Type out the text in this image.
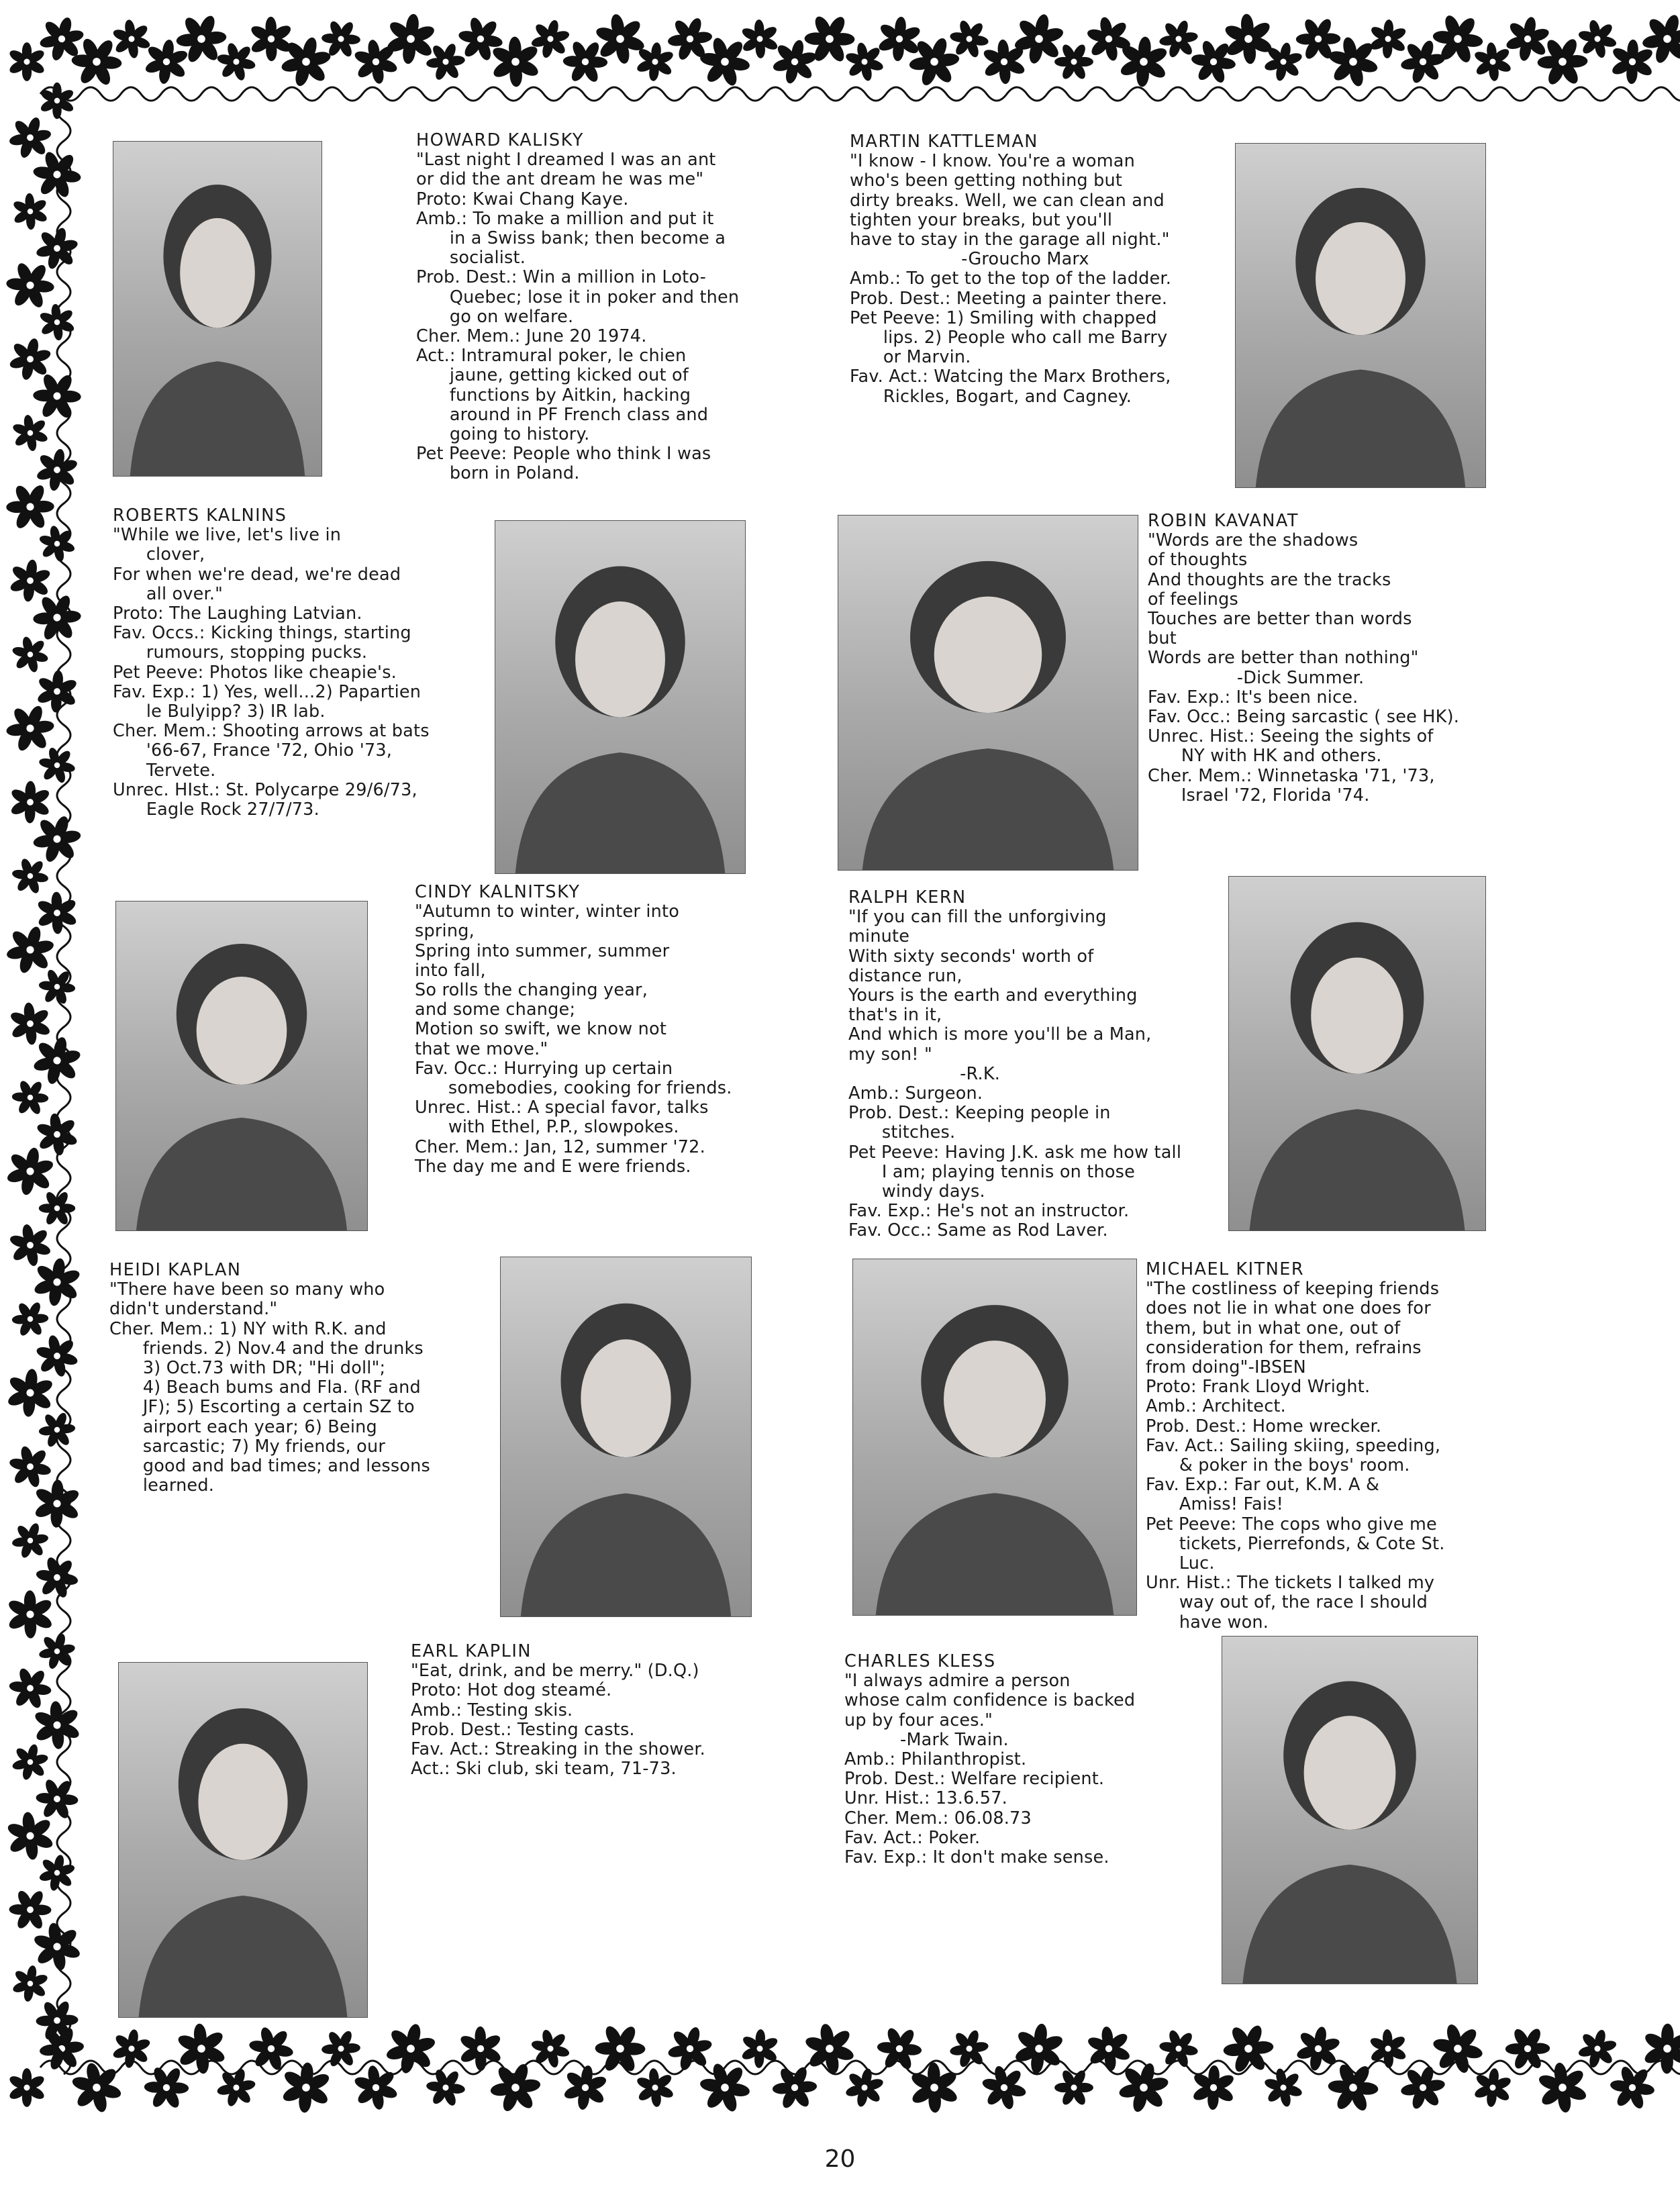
HOWARD KALISKY
"Last night I dreamed I was an ant
or did the ant dream he was me"
Proto: Kwai Chang Kaye.
Amb.: To make a million and put it
in a Swiss bank; then become a
socialist.
Prob. Dest.: Win a million in Loto-
Quebec; lose it in poker and then
go on welfare.
Cher. Mem.: June 20 1974.
Act.: Intramural poker, le chien
jaune, getting kicked out of
functions by Aitkin, hacking
around in PF French class and
going to history.
Pet Peeve: People who think I was
born in Poland.
MARTIN KATTLEMAN
"I know - I know. You're a woman
who's been getting nothing but
dirty breaks. Well, we can clean and
tighten your breaks, but you'll
have to stay in the garage all night."
-Groucho Marx
Amb.: To get to the top of the ladder.
Prob. Dest.: Meeting a painter there.
Pet Peeve: 1) Smiling with chapped
lips. 2) People who call me Barry
or Marvin.
Fav. Act.: Watcing the Marx Brothers,
Rickles, Bogart, and Cagney.
ROBERTS KALNINS
"While we live, let's live in
clover,
For when we're dead, we're dead
all over."
Proto: The Laughing Latvian.
Fav. Occs.: Kicking things, starting
rumours, stopping pucks.
Pet Peeve: Photos like cheapie's.
Fav. Exp.: 1) Yes, well...2) Papartien
le Bulyipp? 3) IR lab.
Cher. Mem.: Shooting arrows at bats
'66-67, France '72, Ohio '73,
Tervete.
Unrec. HIst.: St. Polycarpe 29/6/73,
Eagle Rock 27/7/73.
ROBIN KAVANAT
"Words are the shadows
of thoughts
And thoughts are the tracks
of feelings
Touches are better than words
but
Words are better than nothing"
-Dick Summer.
Fav. Exp.: It's been nice.
Fav. Occ.: Being sarcastic ( see HK).
Unrec. Hist.: Seeing the sights of
NY with HK and others.
Cher. Mem.: Winnetaska '71, '73,
Israel '72, Florida '74.
CINDY KALNITSKY
"Autumn to winter, winter into
spring,
Spring into summer, summer
into fall,
So rolls the changing year,
and some change;
Motion so swift, we know not
that we move."
Fav. Occ.: Hurrying up certain
somebodies, cooking for friends.
Unrec. Hist.: A special favor, talks
with Ethel, P.P., slowpokes.
Cher. Mem.: Jan, 12, summer '72.
The day me and E were friends.
RALPH KERN
"If you can fill the unforgiving
minute
With sixty seconds' worth of
distance run,
Yours is the earth and everything
that's in it,
And which is more you'll be a Man,
my son! "
-R.K.
Amb.: Surgeon.
Prob. Dest.: Keeping people in
stitches.
Pet Peeve: Having J.K. ask me how tall
I am; playing tennis on those
windy days.
Fav. Exp.: He's not an instructor.
Fav. Occ.: Same as Rod Laver.
HEIDI KAPLAN
"There have been so many who
didn't understand."
Cher. Mem.: 1) NY with R.K. and
friends. 2) Nov.4 and the drunks
3) Oct.73 with DR; "Hi doll";
4) Beach bums and Fla. (RF and
JF); 5) Escorting a certain SZ to
airport each year; 6) Being
sarcastic; 7) My friends, our
good and bad times; and lessons
learned.
MICHAEL KITNER
"The costliness of keeping friends
does not lie in what one does for
them, but in what one, out of
consideration for them, refrains
from doing"-IBSEN
Proto: Frank Lloyd Wright.
Amb.: Architect.
Prob. Dest.: Home wrecker.
Fav. Act.: Sailing skiing, speeding,
& poker in the boys' room.
Fav. Exp.: Far out, K.M. A &
Amiss! Fais!
Pet Peeve: The cops who give me
tickets, Pierrefonds, & Cote St.
Luc.
Unr. Hist.: The tickets I talked my
way out of, the race I should
have won.
EARL KAPLIN
"Eat, drink, and be merry." (D.Q.)
Proto: Hot dog steamé.
Amb.: Testing skis.
Prob. Dest.: Testing casts.
Fav. Act.: Streaking in the shower.
Act.: Ski club, ski team, 71-73.
CHARLES KLESS
"I always admire a person
whose calm confidence is backed
up by four aces."
-Mark Twain.
Amb.: Philanthropist.
Prob. Dest.: Welfare recipient.
Unr. Hist.: 13.6.57.
Cher. Mem.: 06.08.73
Fav. Act.: Poker.
Fav. Exp.: It don't make sense.
20
